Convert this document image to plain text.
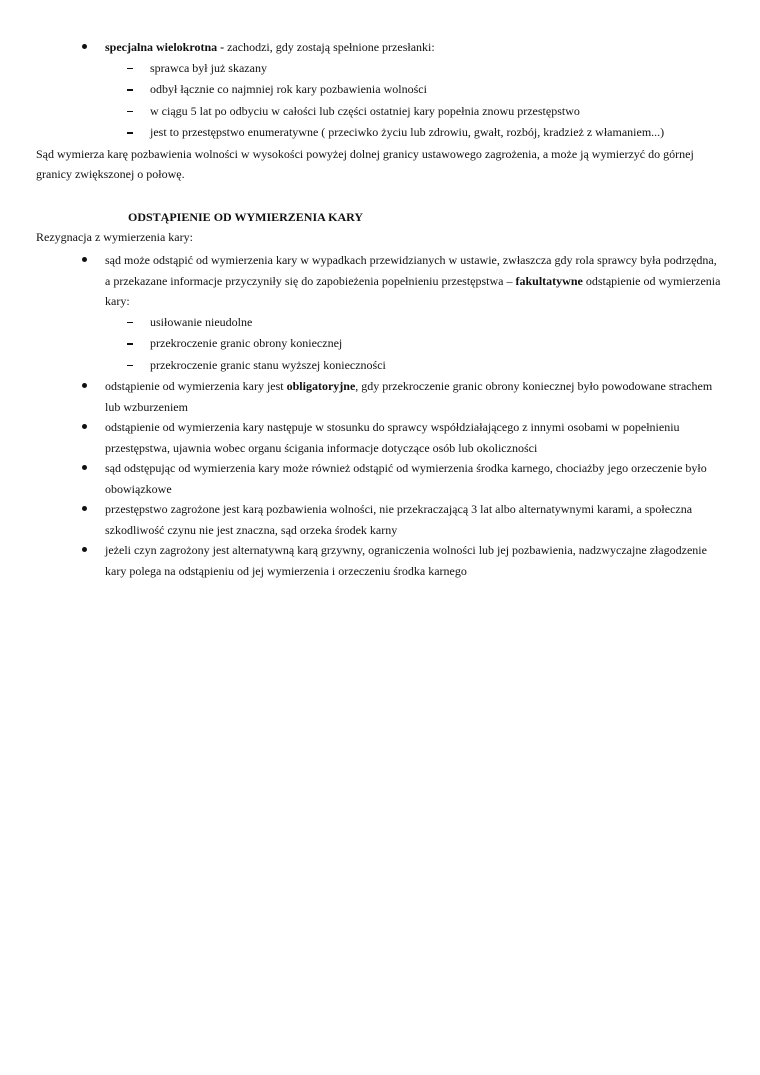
specjalna wielokrotna - zachodzi, gdy zostają spełnione przesłanki:
sprawca był już skazany
odbył łącznie co najmniej rok kary pozbawienia wolności
w ciągu 5 lat po odbyciu w całości lub części ostatniej kary popełnia znowu przestępstwo
jest to przestępstwo enumeratywne ( przeciwko życiu lub zdrowiu, gwałt, rozbój, kradzież z włamaniem...)
Sąd wymierza karę pozbawienia wolności w wysokości powyżej dolnej granicy ustawowego zagrożenia, a może ją wymierzyć do górnej granicy zwiększonej o połowę.
ODSTĄPIENIE OD WYMIERZENIA KARY
Rezygnacja z wymierzenia kary:
sąd może odstąpić od wymierzenia kary w wypadkach przewidzianych w ustawie, zwłaszcza gdy rola sprawcy była podrzędna, a przekazane informacje przyczyniły się do zapobieżenia popełnieniu przestępstwa – fakultatywne odstąpienie od wymierzenia kary:
usiłowanie nieudolne
przekroczenie granic obrony koniecznej
przekroczenie granic stanu wyższej konieczności
odstąpienie od wymierzenia kary jest obligatoryjne, gdy przekroczenie granic obrony koniecznej było powodowane strachem lub wzburzeniem
odstąpienie od wymierzenia kary następuje w stosunku do sprawcy współdziałającego z innymi osobami w popełnieniu przestępstwa, ujawnia wobec organu ścigania informacje dotyczące osób lub okoliczności
sąd odstępując od wymierzenia kary może również odstąpić od wymierzenia środka karnego, chociażby jego orzeczenie było obowiązkowe
przestępstwo zagrożone jest karą pozbawienia wolności, nie przekraczającą 3 lat albo alternatywnymi karami, a społeczna szkodliwość czynu nie jest znaczna, sąd orzeka środek karny
jeżeli czyn zagrożony jest alternatywną karą grzywny, ograniczenia wolności lub jej pozbawienia, nadzwyczajne złagodzenie kary polega na odstąpieniu od jej wymierzenia i orzeczeniu środka karnego
